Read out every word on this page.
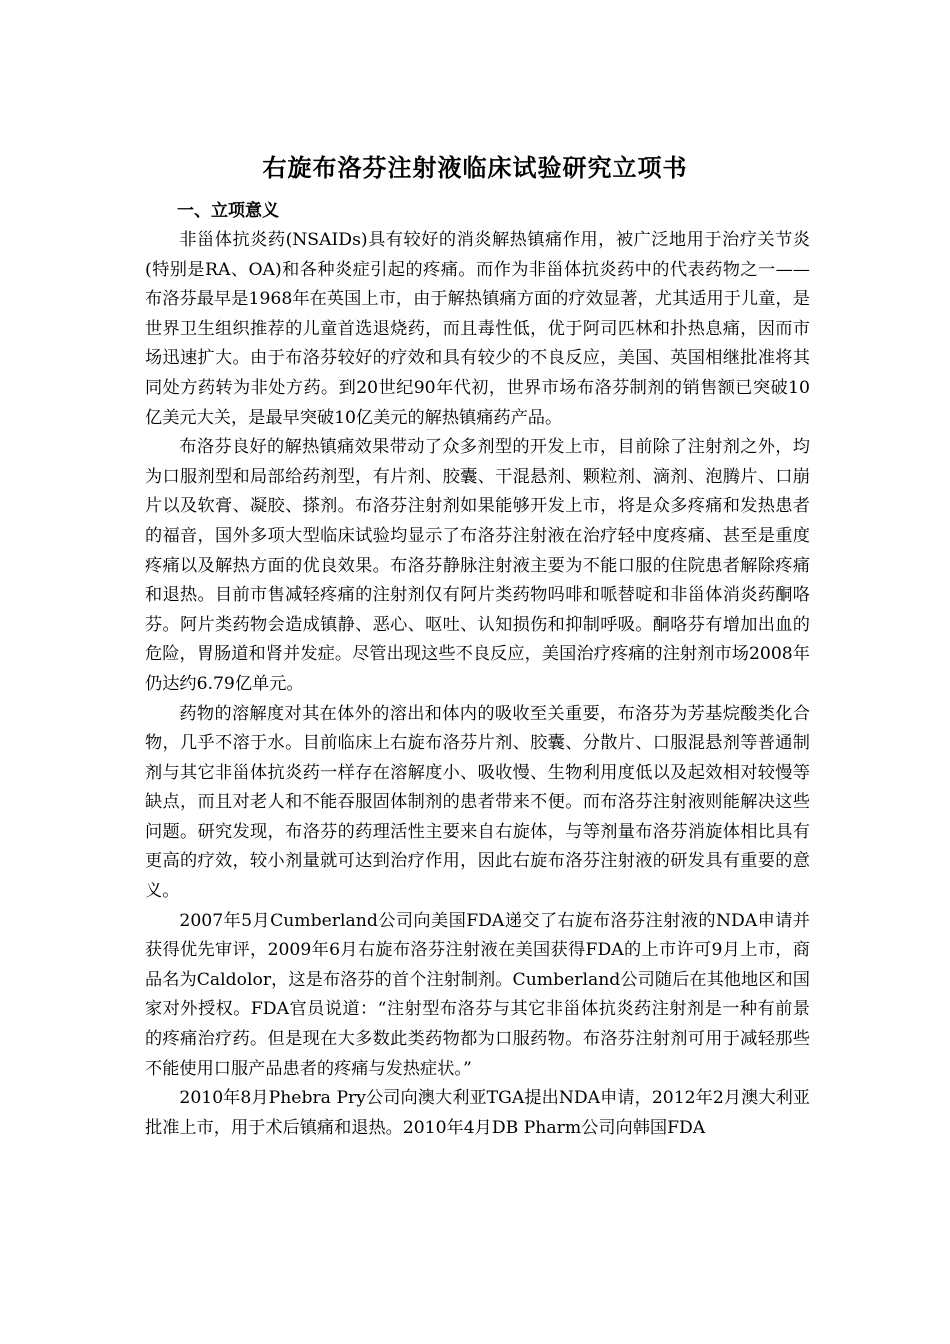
右旋布洛芬注射液临床试验研究立项书
一、立项意义

非甾体抗炎药(NSAIDs)具有较好的消炎解热镇痛作用，被广泛地用于治疗关节炎(特别是RA、OA)和各种炎症引起的疼痛。而作为非甾体抗炎药中的代表药物之一——布洛芬最早是1968年在英国上市，由于解热镇痛方面的疗效显著，尤其适用于儿童，是世界卫生组织推荐的儿童首选退烧药，而且毒性低，优于阿司匹林和扑热息痛，因而市场迅速扩大。由于布洛芬较好的疗效和具有较少的不良反应，美国、英国相继批准将其同处方药转为非处方药。到20世纪90年代初，世界市场布洛芬制剂的销售额已突破10亿美元大关，是最早突破10亿美元的解热镇痛药产品。

布洛芬良好的解热镇痛效果带动了众多剂型的开发上市，目前除了注射剂之外，均为口服剂型和局部给药剂型，有片剂、胶囊、干混悬剂、颗粒剂、滴剂、泡腾片、口崩片以及软膏、凝胶、搽剂。布洛芬注射剂如果能够开发上市，将是众多疼痛和发热患者的福音，国外多项大型临床试验均显示了布洛芬注射液在治疗轻中度疼痛、甚至是重度疼痛以及解热方面的优良效果。布洛芬静脉注射液主要为不能口服的住院患者解除疼痛和退热。目前市售减轻疼痛的注射剂仅有阿片类药物吗啡和哌替啶和非甾体消炎药酮咯芬。阿片类药物会造成镇静、恶心、呕吐、认知损伤和抑制呼吸。酮咯芬有增加出血的危险，胃肠道和肾并发症。尽管出现这些不良反应，美国治疗疼痛的注射剂市场2008年仍达约6.79亿单元。

药物的溶解度对其在体外的溶出和体内的吸收至关重要，布洛芬为芳基烷酸类化合物，几乎不溶于水。目前临床上右旋布洛芬片剂、胶囊、分散片、口服混悬剂等普通制剂与其它非甾体抗炎药一样存在溶解度小、吸收慢、生物利用度低以及起效相对较慢等缺点，而且对老人和不能吞服固体制剂的患者带来不便。而布洛芬注射液则能解决这些问题。研究发现，布洛芬的药理活性主要来自右旋体，与等剂量布洛芬消旋体相比具有更高的疗效，较小剂量就可达到治疗作用，因此右旋布洛芬注射液的研发具有重要的意义。

2007年5月Cumberland公司向美国FDA递交了右旋布洛芬注射液的NDA申请并获得优先审评，2009年6月右旋布洛芬注射液在美国获得FDA的上市许可9月上市，商品名为Caldolor，这是布洛芬的首个注射制剂。Cumberland公司随后在其他地区和国家对外授权。FDA官员说道：“注射型布洛芬与其它非甾体抗炎药注射剂是一种有前景的疼痛治疗药。但是现在大多数此类药物都为口服药物。布洛芬注射剂可用于减轻那些不能使用口服产品患者的疼痛与发热症状。”

2010年8月Phebra Pry公司向澳大利亚TGA提出NDA申请，2012年2月澳大利亚批准上市，用于术后镇痛和退热。2010年4月DB Pharm公司向韩国FDA
